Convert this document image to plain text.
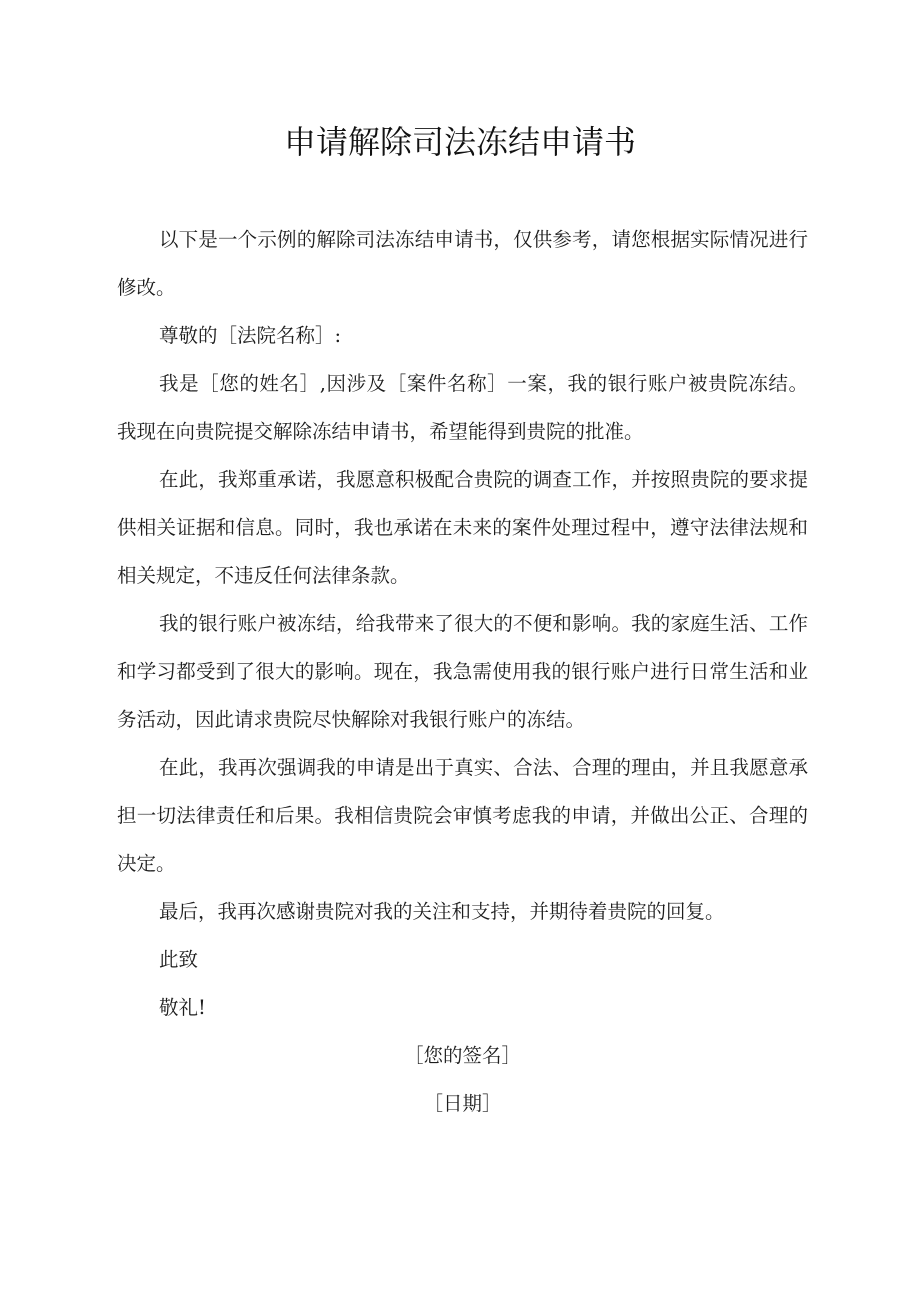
申请解除司法冻结申请书

以下是一个示例的解除司法冻结申请书，仅供参考，请您根据实际情况进行修改。

尊敬的［法院名称］:

我是［您的姓名］,因涉及［案件名称］一案，我的银行账户被贵院冻结。我现在向贵院提交解除冻结申请书，希望能得到贵院的批准。

在此，我郑重承诺，我愿意积极配合贵院的调查工作，并按照贵院的要求提供相关证据和信息。同时，我也承诺在未来的案件处理过程中，遵守法律法规和相关规定，不违反任何法律条款。

我的银行账户被冻结，给我带来了很大的不便和影响。我的家庭生活、工作和学习都受到了很大的影响。现在，我急需使用我的银行账户进行日常生活和业务活动，因此请求贵院尽快解除对我银行账户的冻结。

在此，我再次强调我的申请是出于真实、合法、合理的理由，并且我愿意承担一切法律责任和后果。我相信贵院会审慎考虑我的申请，并做出公正、合理的决定。

最后，我再次感谢贵院对我的关注和支持，并期待着贵院的回复。

此致

敬礼!

［您的签名］

［日期］
